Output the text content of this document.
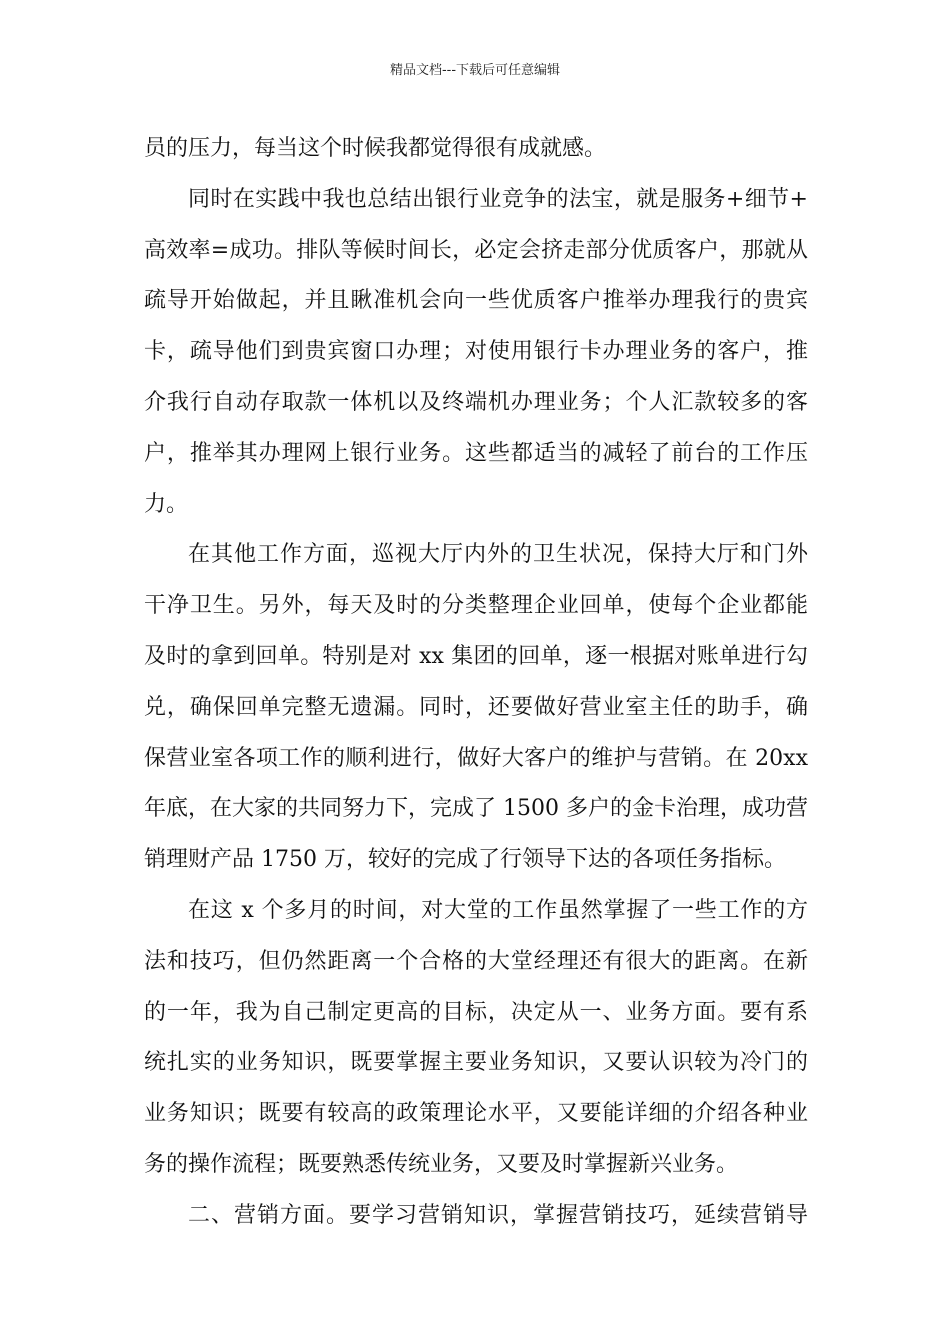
精品文档---下载后可任意编辑
员的压力，每当这个时候我都觉得很有成就感。
同时在实践中我也总结出银行业竞争的法宝，就是服务+细节+
高效率=成功。排队等候时间长，必定会挤走部分优质客户，那就从
疏导开始做起，并且瞅准机会向一些优质客户推举办理我行的贵宾
卡，疏导他们到贵宾窗口办理；对使用银行卡办理业务的客户，推
介我行自动存取款一体机以及终端机办理业务；个人汇款较多的客
户，推举其办理网上银行业务。这些都适当的减轻了前台的工作压
力。
在其他工作方面，巡视大厅内外的卫生状况，保持大厅和门外
干净卫生。另外，每天及时的分类整理企业回单，使每个企业都能
及时的拿到回单。特别是对 xx 集团的回单，逐一根据对账单进行勾
兑，确保回单完整无遗漏。同时，还要做好营业室主任的助手，确
保营业室各项工作的顺利进行，做好大客户的维护与营销。在 20xx
年底，在大家的共同努力下，完成了 1500 多户的金卡治理，成功营
销理财产品 1750 万，较好的完成了行领导下达的各项任务指标。
在这 x 个多月的时间，对大堂的工作虽然掌握了一些工作的方
法和技巧，但仍然距离一个合格的大堂经理还有很大的距离。在新
的一年，我为自己制定更高的目标，决定从一、业务方面。要有系
统扎实的业务知识，既要掌握主要业务知识，又要认识较为冷门的
业务知识；既要有较高的政策理论水平，又要能详细的介绍各种业
务的操作流程；既要熟悉传统业务，又要及时掌握新兴业务。
二、营销方面。要学习营销知识，掌握营销技巧，延续营销导
